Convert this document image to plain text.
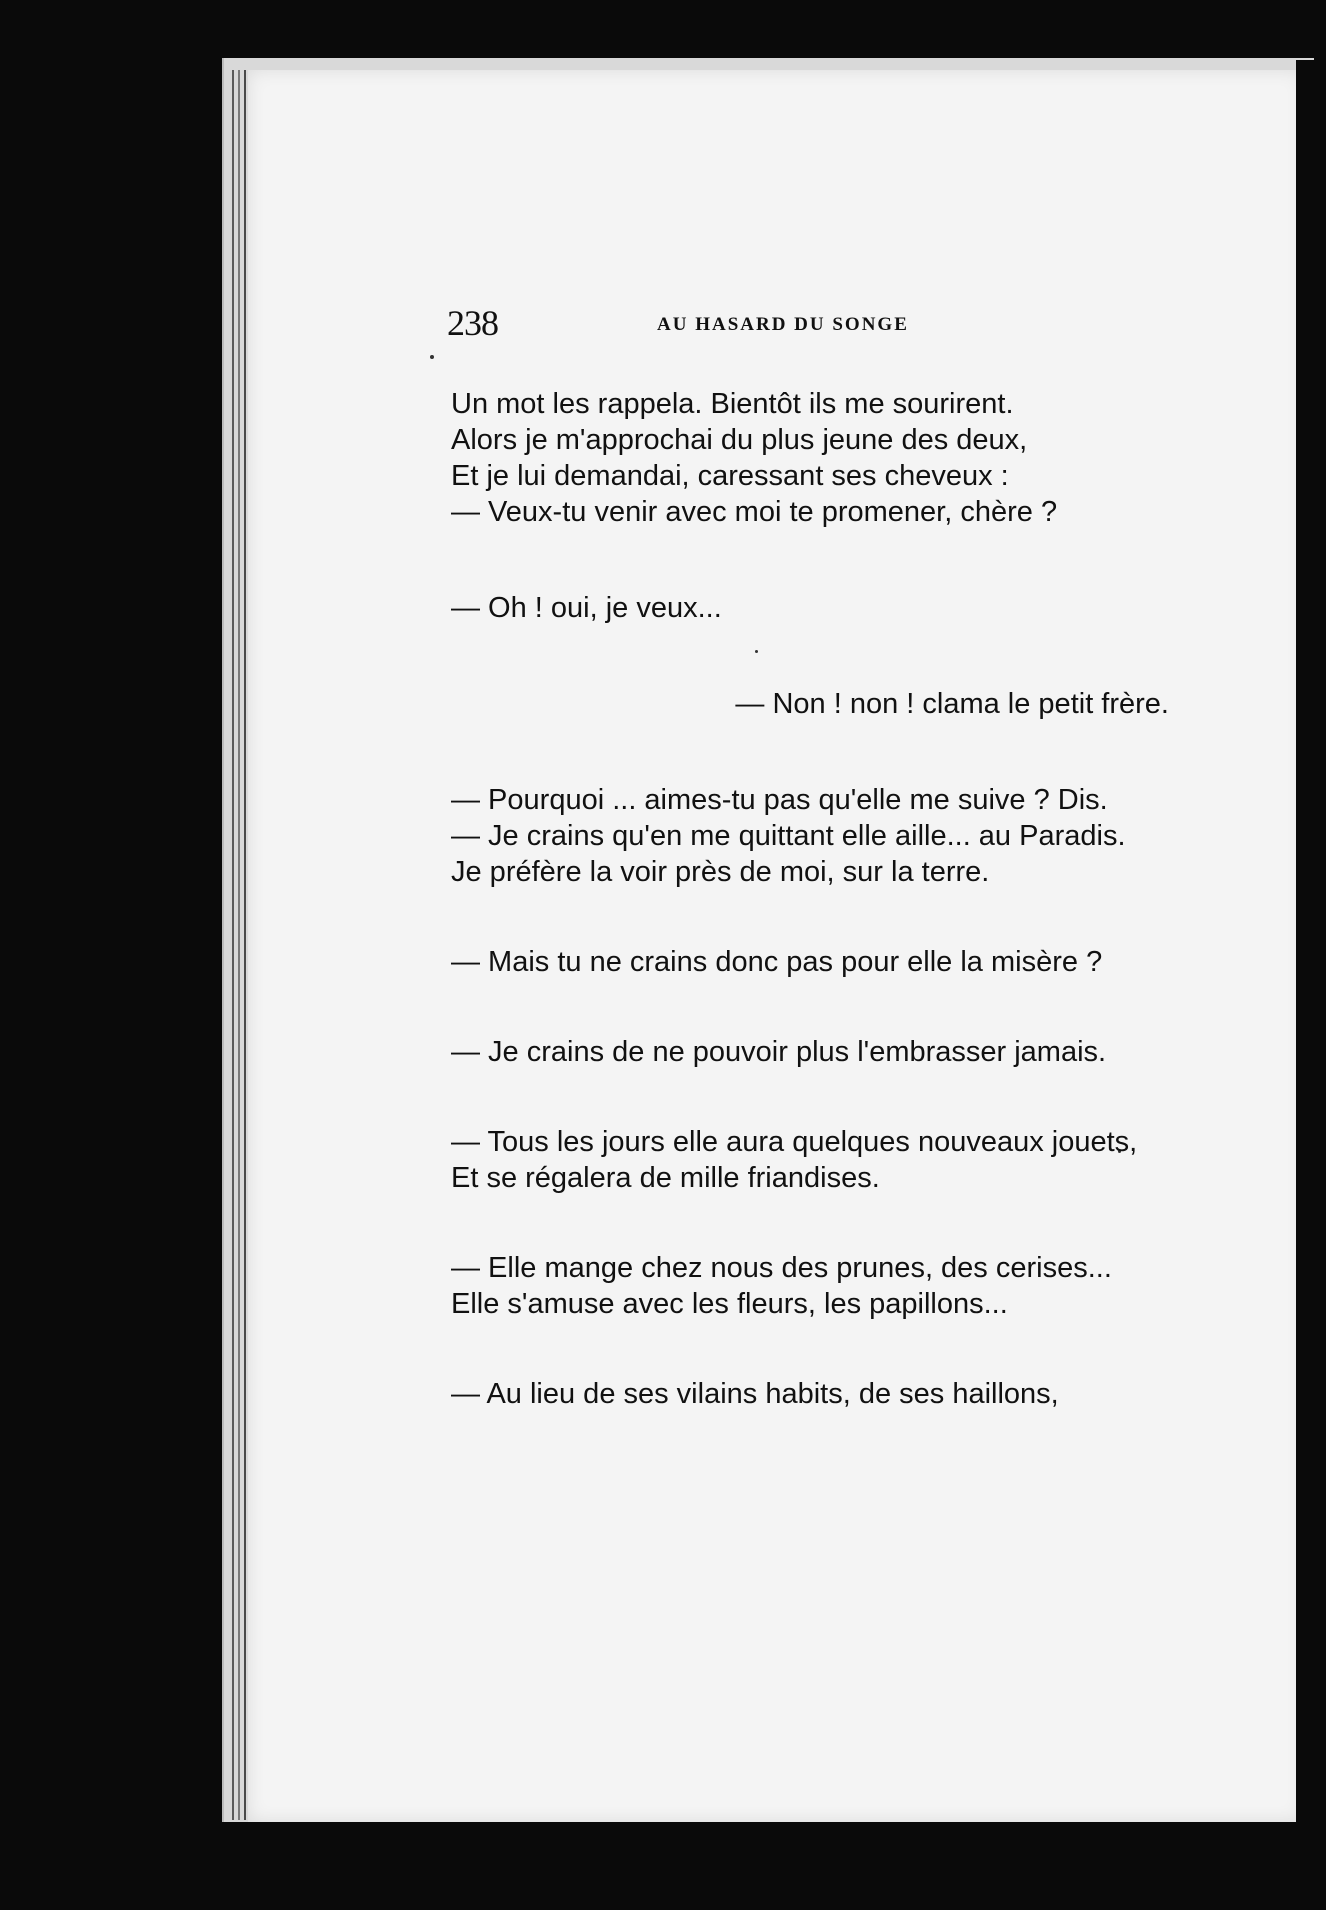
238	AU HASARD DU SONGE
Un mot les rappela. Bientôt ils me sourirent.
Alors je m'approchai du plus jeune des deux,
Et je lui demandai, caressant ses cheveux :
— Veux-tu venir avec moi te promener, chère ?
— Oh ! oui, je veux...
— Non ! non ! clama le petit frère.
— Pourquoi ... aimes-tu pas qu'elle me suive ? Dis.
— Je crains qu'en me quittant elle aille... au Paradis.
Je préfère la voir près de moi, sur la terre.
— Mais tu ne crains donc pas pour elle la misère ?
— Je crains de ne pouvoir plus l'embrasser jamais.
— Tous les jours elle aura quelques nouveaux jouets,
Et se régalera de mille friandises.
— Elle mange chez nous des prunes, des cerises...
Elle s'amuse avec les fleurs, les papillons...
— Au lieu de ses vilains habits, de ses haillons,
